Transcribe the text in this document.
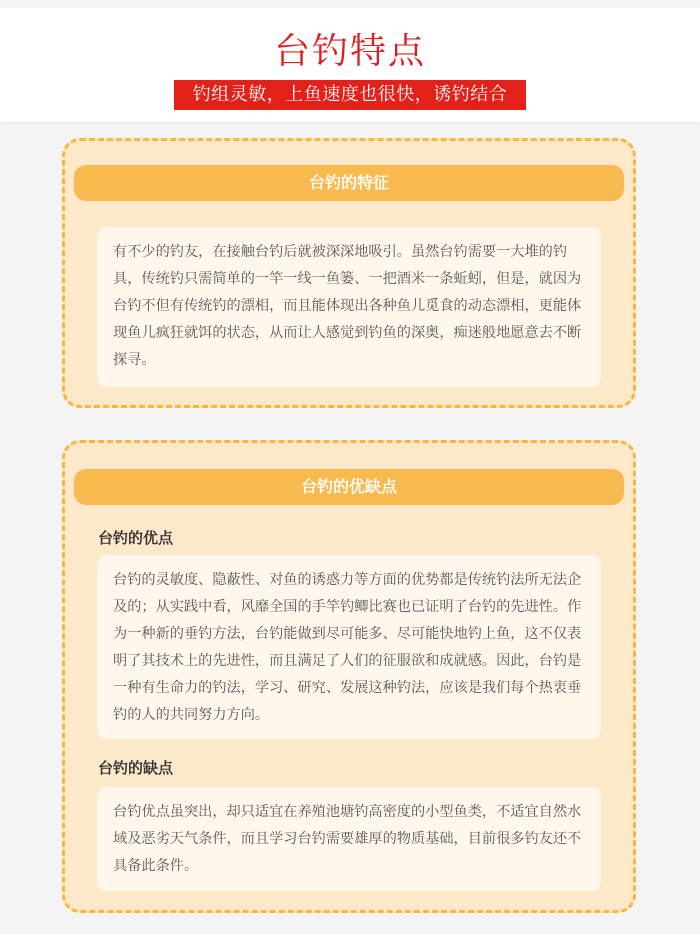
台钓特点
钓组灵敏，上鱼速度也很快，诱钓结合
台钓的特征
有不少的钓友，在接触台钓后就被深深地吸引。虽然台钓需要一大堆的钓具，传统钓只需简单的一竿一线一鱼篓、一把酒米一条蚯蚓，但是，就因为台钓不但有传统钓的漂相，而且能体现出各种鱼儿觅食的动态漂相，更能体现鱼儿疯狂就饵的状态，从而让人感觉到钓鱼的深奥，痴迷般地愿意去不断探寻。
台钓的优缺点
台钓的优点
台钓的灵敏度、隐蔽性、对鱼的诱惑力等方面的优势都是传统钓法所无法企及的；从实践中看，风靡全国的手竿钓鲫比赛也已证明了台钓的先进性。作为一种新的垂钓方法，台钓能做到尽可能多、尽可能快地钓上鱼，这不仅表明了其技术上的先进性，而且满足了人们的征服欲和成就感。因此，台钓是一种有生命力的钓法，学习、研究、发展这种钓法，应该是我们每个热衷垂钓的人的共同努力方向。
台钓的缺点
台钓优点虽突出，却只适宜在养殖池塘钓高密度的小型鱼类，不适宜自然水域及恶劣天气条件，而且学习台钓需要雄厚的物质基础，目前很多钓友还不具备此条件。
